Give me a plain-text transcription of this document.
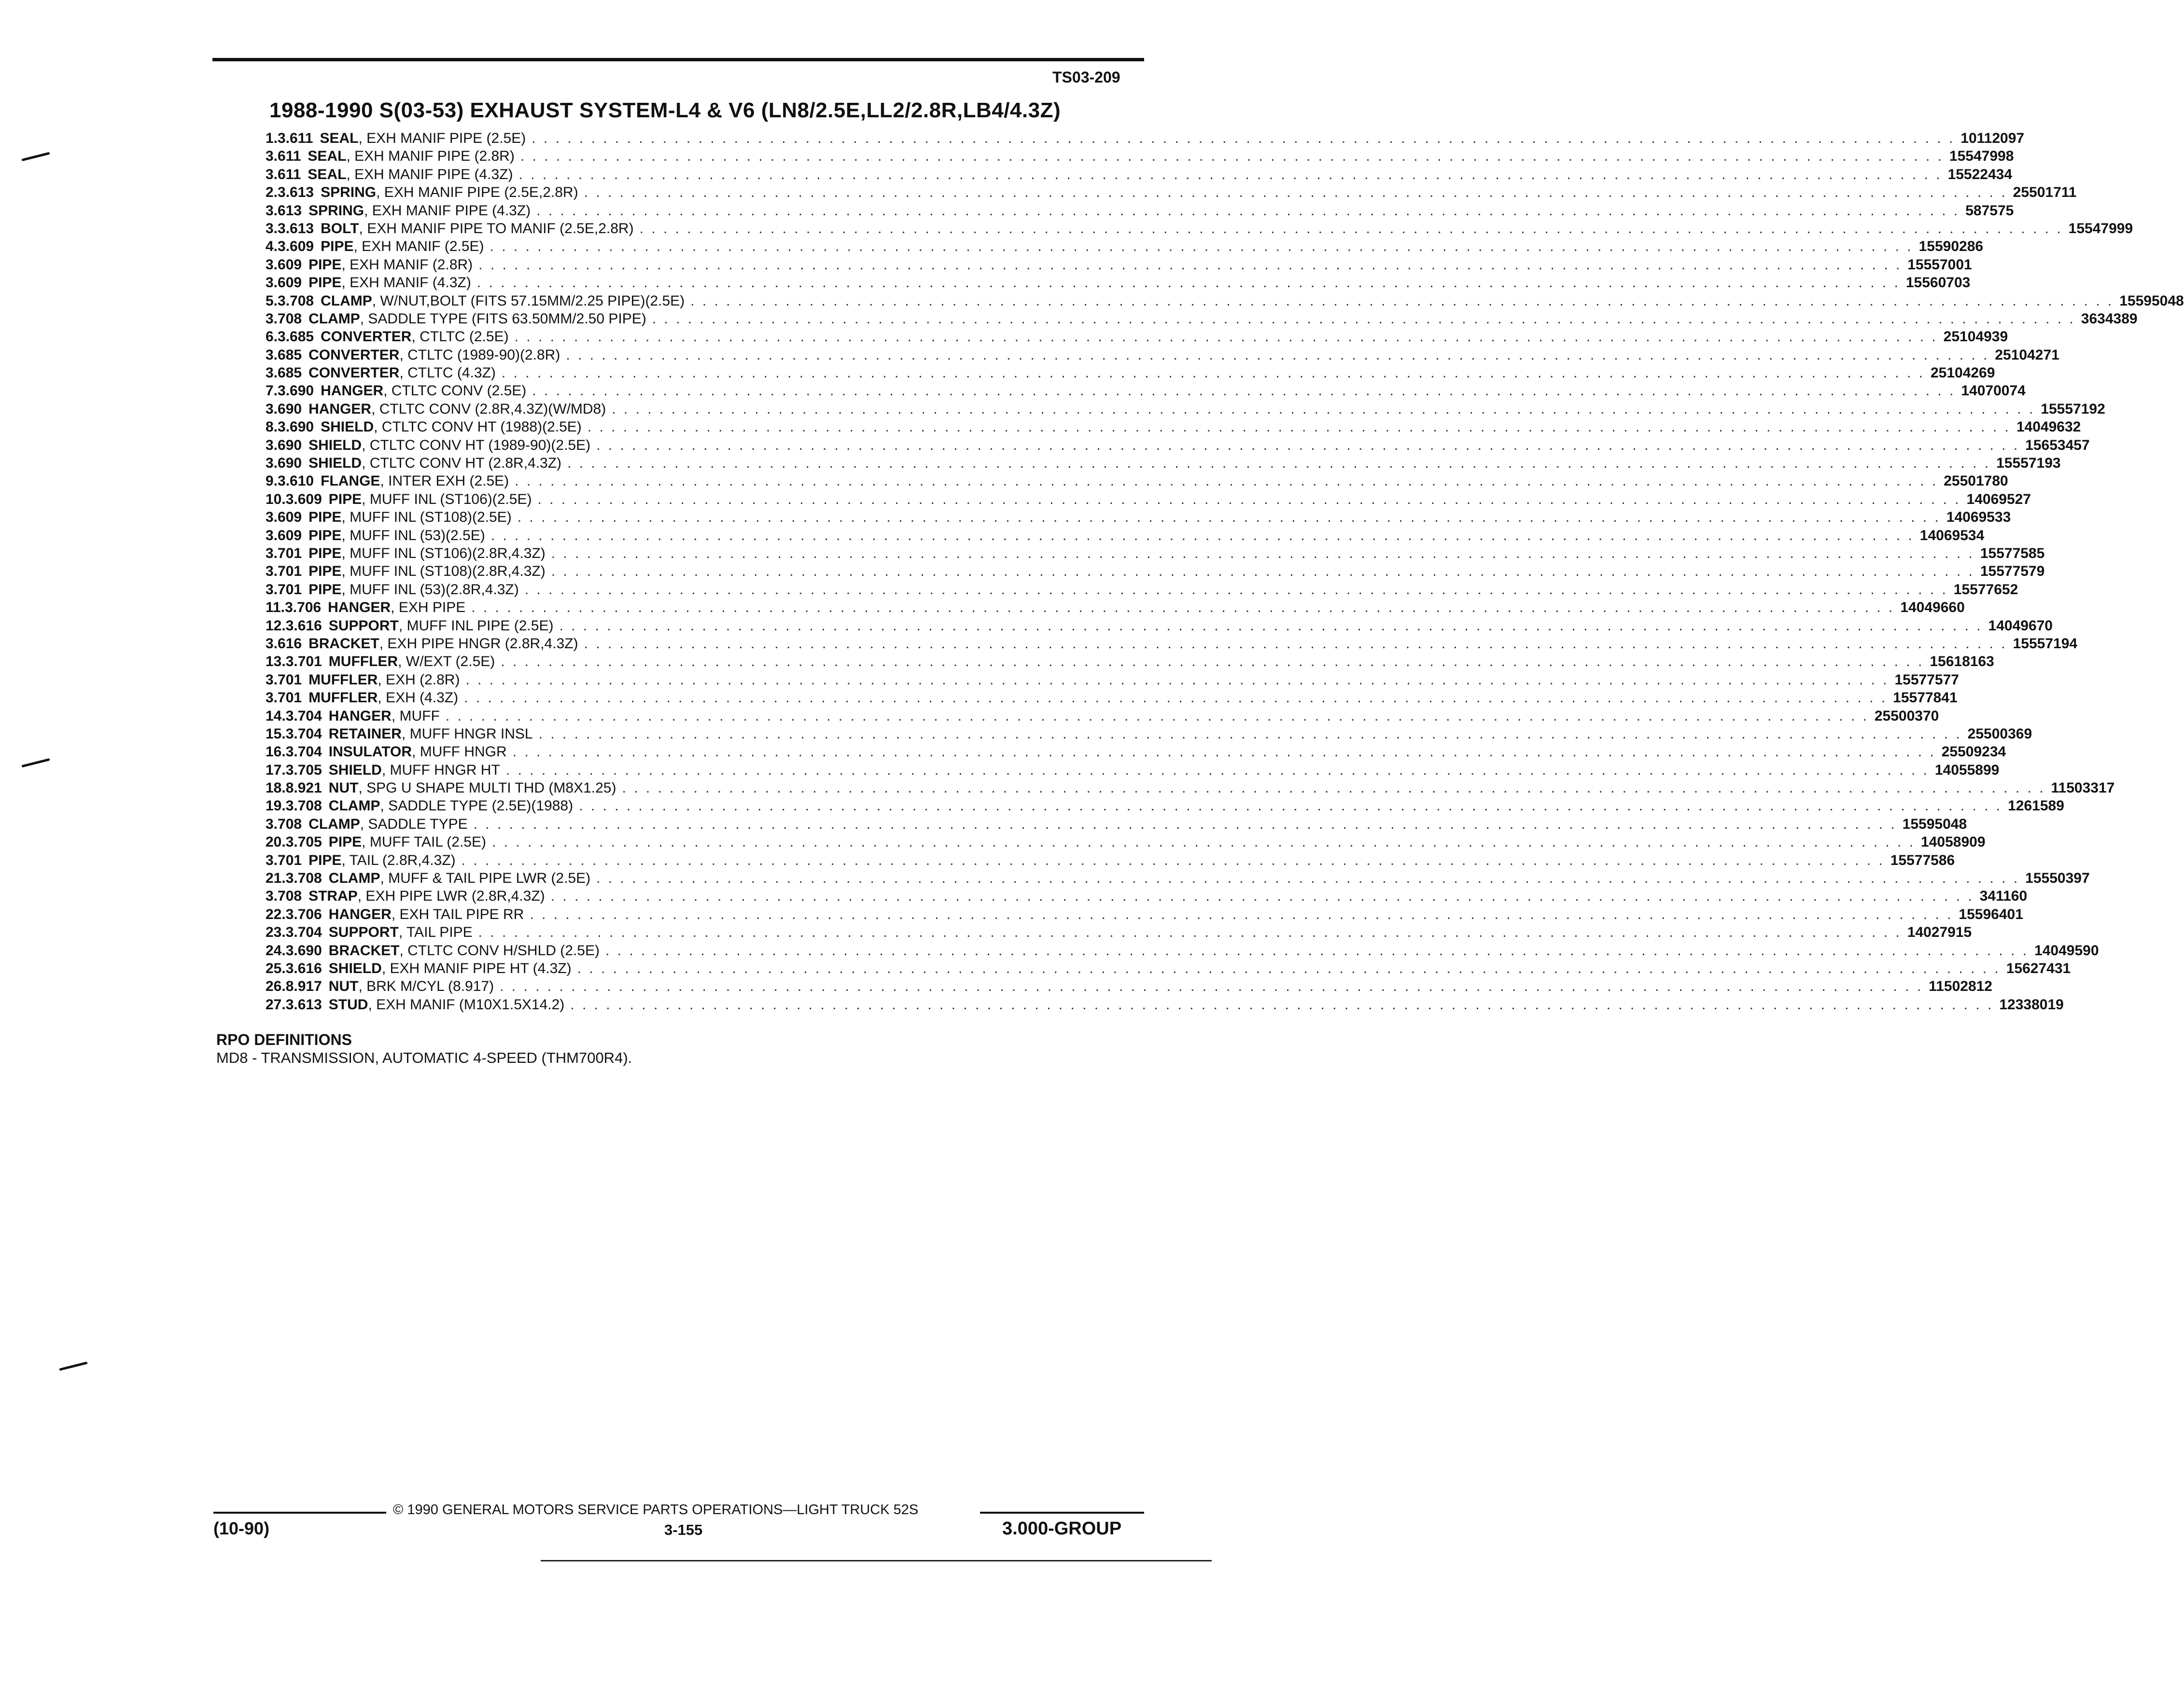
TS03-209
1988-1990 S(03-53) EXHAUST SYSTEM-L4 & V6 (LN8/2.5E,LL2/2.8R,LB4/4.3Z)
1. 3.611 SEAL , EXH MANIF PIPE (2.5E) . . . . . . . . . . . . . . . . . . . . . . . . . . . . . . . . . . . . . . . . . . . . . . . . . . . . . . . . . . . . . . . . . . . . . . . . . . . . . . . . . . . . . . . . . . . . . . . . . . . . . . . . . . . . . . . . . . . . . . . . 10112097
3.611 SEAL , EXH MANIF PIPE (2.8R) . . . . . . . . . . . . . . . . . . . . . . . . . . . . . . . . . . . . . . . . . . . . . . . . . . . . . . . . . . . . . . . . . . . . . . . . . . . . . . . . . . . . . . . . . . . . . . . . . . . . . . . . . . . . . . . . . . . . . . . . 15547998
3.611 SEAL , EXH MANIF PIPE (4.3Z) . . . . . . . . . . . . . . . . . . . . . . . . . . . . . . . . . . . . . . . . . . . . . . . . . . . . . . . . . . . . . . . . . . . . . . . . . . . . . . . . . . . . . . . . . . . . . . . . . . . . . . . . . . . . . . . . . . . . . . . . 15522434
2. 3.613 SPRING , EXH MANIF PIPE (2.5E,2.8R) . . . . . . . . . . . . . . . . . . . . . . . . . . . . . . . . . . . . . . . . . . . . . . . . . . . . . . . . . . . . . . . . . . . . . . . . . . . . . . . . . . . . . . . . . . . . . . . . . . . . . . . . . . . . . . . . . . . . . . . . 25501711
3.613 SPRING , EXH MANIF PIPE (4.3Z) . . . . . . . . . . . . . . . . . . . . . . . . . . . . . . . . . . . . . . . . . . . . . . . . . . . . . . . . . . . . . . . . . . . . . . . . . . . . . . . . . . . . . . . . . . . . . . . . . . . . . . . . . . . . . . . . . . . . . . . . 587575
3. 3.613 BOLT , EXH MANIF PIPE TO MANIF (2.5E,2.8R) . . . . . . . . . . . . . . . . . . . . . . . . . . . . . . . . . . . . . . . . . . . . . . . . . . . . . . . . . . . . . . . . . . . . . . . . . . . . . . . . . . . . . . . . . . . . . . . . . . . . . . . . . . . . . . . . . . . . . . . . 15547999
4. 3.609 PIPE , EXH MANIF (2.5E) . . . . . . . . . . . . . . . . . . . . . . . . . . . . . . . . . . . . . . . . . . . . . . . . . . . . . . . . . . . . . . . . . . . . . . . . . . . . . . . . . . . . . . . . . . . . . . . . . . . . . . . . . . . . . . . . . . . . . . . . 15590286
3.609 PIPE , EXH MANIF (2.8R) . . . . . . . . . . . . . . . . . . . . . . . . . . . . . . . . . . . . . . . . . . . . . . . . . . . . . . . . . . . . . . . . . . . . . . . . . . . . . . . . . . . . . . . . . . . . . . . . . . . . . . . . . . . . . . . . . . . . . . . . 15557001
3.609 PIPE , EXH MANIF (4.3Z) . . . . . . . . . . . . . . . . . . . . . . . . . . . . . . . . . . . . . . . . . . . . . . . . . . . . . . . . . . . . . . . . . . . . . . . . . . . . . . . . . . . . . . . . . . . . . . . . . . . . . . . . . . . . . . . . . . . . . . . . 15560703
5. 3.708 CLAMP , W/NUT,BOLT (FITS 57.15MM/2.25 PIPE)(2.5E) . . . . . . . . . . . . . . . . . . . . . . . . . . . . . . . . . . . . . . . . . . . . . . . . . . . . . . . . . . . . . . . . . . . . . . . . . . . . . . . . . . . . . . . . . . . . . . . . . . . . . . . . . . . . . . . . . . . . . . . . 15595048
3.708 CLAMP , SADDLE TYPE (FITS 63.50MM/2.50 PIPE) . . . . . . . . . . . . . . . . . . . . . . . . . . . . . . . . . . . . . . . . . . . . . . . . . . . . . . . . . . . . . . . . . . . . . . . . . . . . . . . . . . . . . . . . . . . . . . . . . . . . . . . . . . . . . . . . . . . . . . . . 3634389
6. 3.685 CONVERTER , CTLTC (2.5E) . . . . . . . . . . . . . . . . . . . . . . . . . . . . . . . . . . . . . . . . . . . . . . . . . . . . . . . . . . . . . . . . . . . . . . . . . . . . . . . . . . . . . . . . . . . . . . . . . . . . . . . . . . . . . . . . . . . . . . . . 25104939
3.685 CONVERTER , CTLTC (1989-90)(2.8R) . . . . . . . . . . . . . . . . . . . . . . . . . . . . . . . . . . . . . . . . . . . . . . . . . . . . . . . . . . . . . . . . . . . . . . . . . . . . . . . . . . . . . . . . . . . . . . . . . . . . . . . . . . . . . . . . . . . . . . . . 25104271
3.685 CONVERTER , CTLTC (4.3Z) . . . . . . . . . . . . . . . . . . . . . . . . . . . . . . . . . . . . . . . . . . . . . . . . . . . . . . . . . . . . . . . . . . . . . . . . . . . . . . . . . . . . . . . . . . . . . . . . . . . . . . . . . . . . . . . . . . . . . . . . 25104269
7. 3.690 HANGER , CTLTC CONV (2.5E) . . . . . . . . . . . . . . . . . . . . . . . . . . . . . . . . . . . . . . . . . . . . . . . . . . . . . . . . . . . . . . . . . . . . . . . . . . . . . . . . . . . . . . . . . . . . . . . . . . . . . . . . . . . . . . . . . . . . . . . . 14070074
3.690 HANGER , CTLTC CONV (2.8R,4.3Z)(W/MD8) . . . . . . . . . . . . . . . . . . . . . . . . . . . . . . . . . . . . . . . . . . . . . . . . . . . . . . . . . . . . . . . . . . . . . . . . . . . . . . . . . . . . . . . . . . . . . . . . . . . . . . . . . . . . . . . . . . . . . . . . 15557192
8. 3.690 SHIELD , CTLTC CONV HT (1988)(2.5E) . . . . . . . . . . . . . . . . . . . . . . . . . . . . . . . . . . . . . . . . . . . . . . . . . . . . . . . . . . . . . . . . . . . . . . . . . . . . . . . . . . . . . . . . . . . . . . . . . . . . . . . . . . . . . . . . . . . . . . . . 14049632
3.690 SHIELD , CTLTC CONV HT (1989-90)(2.5E) . . . . . . . . . . . . . . . . . . . . . . . . . . . . . . . . . . . . . . . . . . . . . . . . . . . . . . . . . . . . . . . . . . . . . . . . . . . . . . . . . . . . . . . . . . . . . . . . . . . . . . . . . . . . . . . . . . . . . . . . 15653457
3.690 SHIELD , CTLTC CONV HT (2.8R,4.3Z) . . . . . . . . . . . . . . . . . . . . . . . . . . . . . . . . . . . . . . . . . . . . . . . . . . . . . . . . . . . . . . . . . . . . . . . . . . . . . . . . . . . . . . . . . . . . . . . . . . . . . . . . . . . . . . . . . . . . . . . . 15557193
9. 3.610 FLANGE , INTER EXH (2.5E) . . . . . . . . . . . . . . . . . . . . . . . . . . . . . . . . . . . . . . . . . . . . . . . . . . . . . . . . . . . . . . . . . . . . . . . . . . . . . . . . . . . . . . . . . . . . . . . . . . . . . . . . . . . . . . . . . . . . . . . . 25501780
10. 3.609 PIPE , MUFF INL (ST106)(2.5E) . . . . . . . . . . . . . . . . . . . . . . . . . . . . . . . . . . . . . . . . . . . . . . . . . . . . . . . . . . . . . . . . . . . . . . . . . . . . . . . . . . . . . . . . . . . . . . . . . . . . . . . . . . . . . . . . . . . . . . . . 14069527
3.609 PIPE , MUFF INL (ST108)(2.5E) . . . . . . . . . . . . . . . . . . . . . . . . . . . . . . . . . . . . . . . . . . . . . . . . . . . . . . . . . . . . . . . . . . . . . . . . . . . . . . . . . . . . . . . . . . . . . . . . . . . . . . . . . . . . . . . . . . . . . . . . 14069533
3.609 PIPE , MUFF INL (53)(2.5E) . . . . . . . . . . . . . . . . . . . . . . . . . . . . . . . . . . . . . . . . . . . . . . . . . . . . . . . . . . . . . . . . . . . . . . . . . . . . . . . . . . . . . . . . . . . . . . . . . . . . . . . . . . . . . . . . . . . . . . . . 14069534
3.701 PIPE , MUFF INL (ST106)(2.8R,4.3Z) . . . . . . . . . . . . . . . . . . . . . . . . . . . . . . . . . . . . . . . . . . . . . . . . . . . . . . . . . . . . . . . . . . . . . . . . . . . . . . . . . . . . . . . . . . . . . . . . . . . . . . . . . . . . . . . . . . . . . . . . 15577585
3.701 PIPE , MUFF INL (ST108)(2.8R,4.3Z) . . . . . . . . . . . . . . . . . . . . . . . . . . . . . . . . . . . . . . . . . . . . . . . . . . . . . . . . . . . . . . . . . . . . . . . . . . . . . . . . . . . . . . . . . . . . . . . . . . . . . . . . . . . . . . . . . . . . . . . . 15577579
3.701 PIPE , MUFF INL (53)(2.8R,4.3Z) . . . . . . . . . . . . . . . . . . . . . . . . . . . . . . . . . . . . . . . . . . . . . . . . . . . . . . . . . . . . . . . . . . . . . . . . . . . . . . . . . . . . . . . . . . . . . . . . . . . . . . . . . . . . . . . . . . . . . . . . 15577652
11. 3.706 HANGER , EXH PIPE . . . . . . . . . . . . . . . . . . . . . . . . . . . . . . . . . . . . . . . . . . . . . . . . . . . . . . . . . . . . . . . . . . . . . . . . . . . . . . . . . . . . . . . . . . . . . . . . . . . . . . . . . . . . . . . . . . . . . . . . 14049660
12. 3.616 SUPPORT , MUFF INL PIPE (2.5E) . . . . . . . . . . . . . . . . . . . . . . . . . . . . . . . . . . . . . . . . . . . . . . . . . . . . . . . . . . . . . . . . . . . . . . . . . . . . . . . . . . . . . . . . . . . . . . . . . . . . . . . . . . . . . . . . . . . . . . . . 14049670
3.616 BRACKET , EXH PIPE HNGR (2.8R,4.3Z) . . . . . . . . . . . . . . . . . . . . . . . . . . . . . . . . . . . . . . . . . . . . . . . . . . . . . . . . . . . . . . . . . . . . . . . . . . . . . . . . . . . . . . . . . . . . . . . . . . . . . . . . . . . . . . . . . . . . . . . . 15557194
13. 3.701 MUFFLER , W/EXT (2.5E) . . . . . . . . . . . . . . . . . . . . . . . . . . . . . . . . . . . . . . . . . . . . . . . . . . . . . . . . . . . . . . . . . . . . . . . . . . . . . . . . . . . . . . . . . . . . . . . . . . . . . . . . . . . . . . . . . . . . . . . . 15618163
3.701 MUFFLER , EXH (2.8R) . . . . . . . . . . . . . . . . . . . . . . . . . . . . . . . . . . . . . . . . . . . . . . . . . . . . . . . . . . . . . . . . . . . . . . . . . . . . . . . . . . . . . . . . . . . . . . . . . . . . . . . . . . . . . . . . . . . . . . . . 15577577
3.701 MUFFLER , EXH (4.3Z) . . . . . . . . . . . . . . . . . . . . . . . . . . . . . . . . . . . . . . . . . . . . . . . . . . . . . . . . . . . . . . . . . . . . . . . . . . . . . . . . . . . . . . . . . . . . . . . . . . . . . . . . . . . . . . . . . . . . . . . . 15577841
14. 3.704 HANGER , MUFF . . . . . . . . . . . . . . . . . . . . . . . . . . . . . . . . . . . . . . . . . . . . . . . . . . . . . . . . . . . . . . . . . . . . . . . . . . . . . . . . . . . . . . . . . . . . . . . . . . . . . . . . . . . . . . . . . . . . . . . . 25500370
15. 3.704 RETAINER , MUFF HNGR INSL . . . . . . . . . . . . . . . . . . . . . . . . . . . . . . . . . . . . . . . . . . . . . . . . . . . . . . . . . . . . . . . . . . . . . . . . . . . . . . . . . . . . . . . . . . . . . . . . . . . . . . . . . . . . . . . . . . . . . . . . 25500369
16. 3.704 INSULATOR , MUFF HNGR . . . . . . . . . . . . . . . . . . . . . . . . . . . . . . . . . . . . . . . . . . . . . . . . . . . . . . . . . . . . . . . . . . . . . . . . . . . . . . . . . . . . . . . . . . . . . . . . . . . . . . . . . . . . . . . . . . . . . . . . 25509234
17. 3.705 SHIELD , MUFF HNGR HT . . . . . . . . . . . . . . . . . . . . . . . . . . . . . . . . . . . . . . . . . . . . . . . . . . . . . . . . . . . . . . . . . . . . . . . . . . . . . . . . . . . . . . . . . . . . . . . . . . . . . . . . . . . . . . . . . . . . . . . . 14055899
18. 8.921 NUT , SPG U SHAPE MULTI THD (M8X1.25) . . . . . . . . . . . . . . . . . . . . . . . . . . . . . . . . . . . . . . . . . . . . . . . . . . . . . . . . . . . . . . . . . . . . . . . . . . . . . . . . . . . . . . . . . . . . . . . . . . . . . . . . . . . . . . . . . . . . . . . . 11503317
19. 3.708 CLAMP , SADDLE TYPE (2.5E)(1988) . . . . . . . . . . . . . . . . . . . . . . . . . . . . . . . . . . . . . . . . . . . . . . . . . . . . . . . . . . . . . . . . . . . . . . . . . . . . . . . . . . . . . . . . . . . . . . . . . . . . . . . . . . . . . . . . . . . . . . . . 1261589
3.708 CLAMP , SADDLE TYPE . . . . . . . . . . . . . . . . . . . . . . . . . . . . . . . . . . . . . . . . . . . . . . . . . . . . . . . . . . . . . . . . . . . . . . . . . . . . . . . . . . . . . . . . . . . . . . . . . . . . . . . . . . . . . . . . . . . . . . . . 15595048
20. 3.705 PIPE , MUFF TAIL (2.5E) . . . . . . . . . . . . . . . . . . . . . . . . . . . . . . . . . . . . . . . . . . . . . . . . . . . . . . . . . . . . . . . . . . . . . . . . . . . . . . . . . . . . . . . . . . . . . . . . . . . . . . . . . . . . . . . . . . . . . . . . 14058909
3.701 PIPE , TAIL (2.8R,4.3Z) . . . . . . . . . . . . . . . . . . . . . . . . . . . . . . . . . . . . . . . . . . . . . . . . . . . . . . . . . . . . . . . . . . . . . . . . . . . . . . . . . . . . . . . . . . . . . . . . . . . . . . . . . . . . . . . . . . . . . . . . 15577586
21. 3.708 CLAMP , MUFF & TAIL PIPE LWR (2.5E) . . . . . . . . . . . . . . . . . . . . . . . . . . . . . . . . . . . . . . . . . . . . . . . . . . . . . . . . . . . . . . . . . . . . . . . . . . . . . . . . . . . . . . . . . . . . . . . . . . . . . . . . . . . . . . . . . . . . . . . . 15550397
3.708 STRAP , EXH PIPE LWR (2.8R,4.3Z) . . . . . . . . . . . . . . . . . . . . . . . . . . . . . . . . . . . . . . . . . . . . . . . . . . . . . . . . . . . . . . . . . . . . . . . . . . . . . . . . . . . . . . . . . . . . . . . . . . . . . . . . . . . . . . . . . . . . . . . . 341160
22. 3.706 HANGER , EXH TAIL PIPE RR . . . . . . . . . . . . . . . . . . . . . . . . . . . . . . . . . . . . . . . . . . . . . . . . . . . . . . . . . . . . . . . . . . . . . . . . . . . . . . . . . . . . . . . . . . . . . . . . . . . . . . . . . . . . . . . . . . . . . . . . 15596401
23. 3.704 SUPPORT , TAIL PIPE . . . . . . . . . . . . . . . . . . . . . . . . . . . . . . . . . . . . . . . . . . . . . . . . . . . . . . . . . . . . . . . . . . . . . . . . . . . . . . . . . . . . . . . . . . . . . . . . . . . . . . . . . . . . . . . . . . . . . . . . 14027915
24. 3.690 BRACKET , CTLTC CONV H/SHLD (2.5E) . . . . . . . . . . . . . . . . . . . . . . . . . . . . . . . . . . . . . . . . . . . . . . . . . . . . . . . . . . . . . . . . . . . . . . . . . . . . . . . . . . . . . . . . . . . . . . . . . . . . . . . . . . . . . . . . . . . . . . . . 14049590
25. 3.616 SHIELD , EXH MANIF PIPE HT (4.3Z) . . . . . . . . . . . . . . . . . . . . . . . . . . . . . . . . . . . . . . . . . . . . . . . . . . . . . . . . . . . . . . . . . . . . . . . . . . . . . . . . . . . . . . . . . . . . . . . . . . . . . . . . . . . . . . . . . . . . . . . . 15627431
26. 8.917 NUT , BRK M/CYL (8.917) . . . . . . . . . . . . . . . . . . . . . . . . . . . . . . . . . . . . . . . . . . . . . . . . . . . . . . . . . . . . . . . . . . . . . . . . . . . . . . . . . . . . . . . . . . . . . . . . . . . . . . . . . . . . . . . . . . . . . . . . 11502812
27. 3.613 STUD , EXH MANIF (M10X1.5X14.2) . . . . . . . . . . . . . . . . . . . . . . . . . . . . . . . . . . . . . . . . . . . . . . . . . . . . . . . . . . . . . . . . . . . . . . . . . . . . . . . . . . . . . . . . . . . . . . . . . . . . . . . . . . . . . . . . . . . . . . . . 12338019
RPO DEFINITIONS
MD8 - TRANSMISSION, AUTOMATIC 4-SPEED (THM700R4).
© 1990 GENERAL MOTORS SERVICE PARTS OPERATIONS—LIGHT TRUCK 52S
(10-90)	3-155	3.000-GROUP
